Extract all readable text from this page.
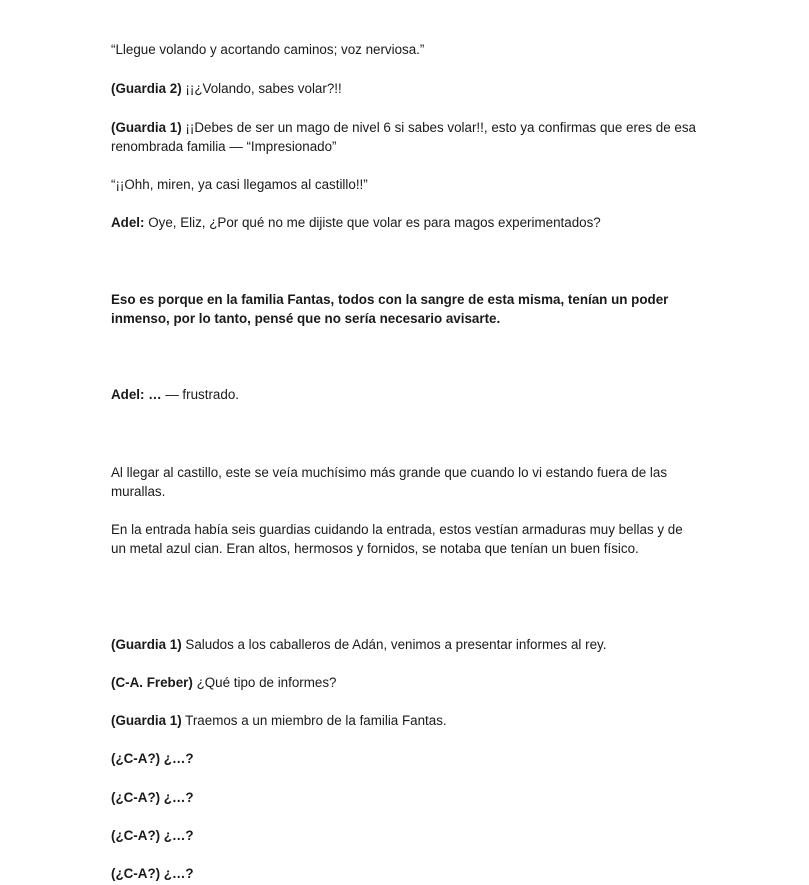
“Llegue volando y acortando caminos; voz nerviosa.”

(Guardia 2) ¡¡¿Volando, sabes volar?!!

(Guardia 1) ¡¡Debes de ser un mago de nivel 6 si sabes volar!!, esto ya confirmas que eres de esa renombrada familia — “Impresionado”

“¡¡Ohh, miren, ya casi llegamos al castillo!!”

Adel: Oye, Eliz, ¿Por qué no me dijiste que volar es para magos experimentados?

Eso es porque en la familia Fantas, todos con la sangre de esta misma, tenían un poder inmenso, por lo tanto, pensé que no sería necesario avisarte.

Adel: … — frustrado.

Al llegar al castillo, este se veía muchísimo más grande que cuando lo vi estando fuera de las murallas.

En la entrada había seis guardias cuidando la entrada, estos vestían armaduras muy bellas y de un metal azul cian. Eran altos, hermosos y fornidos, se notaba que tenían un buen físico.

(Guardia 1) Saludos a los caballeros de Adán, venimos a presentar informes al rey.

(C-A. Freber) ¿Qué tipo de informes?

(Guardia 1) Traemos a un miembro de la familia Fantas.

(¿C-A?) ¿…?

(¿C-A?) ¿…?

(¿C-A?) ¿…?

(¿C-A?) ¿…?
